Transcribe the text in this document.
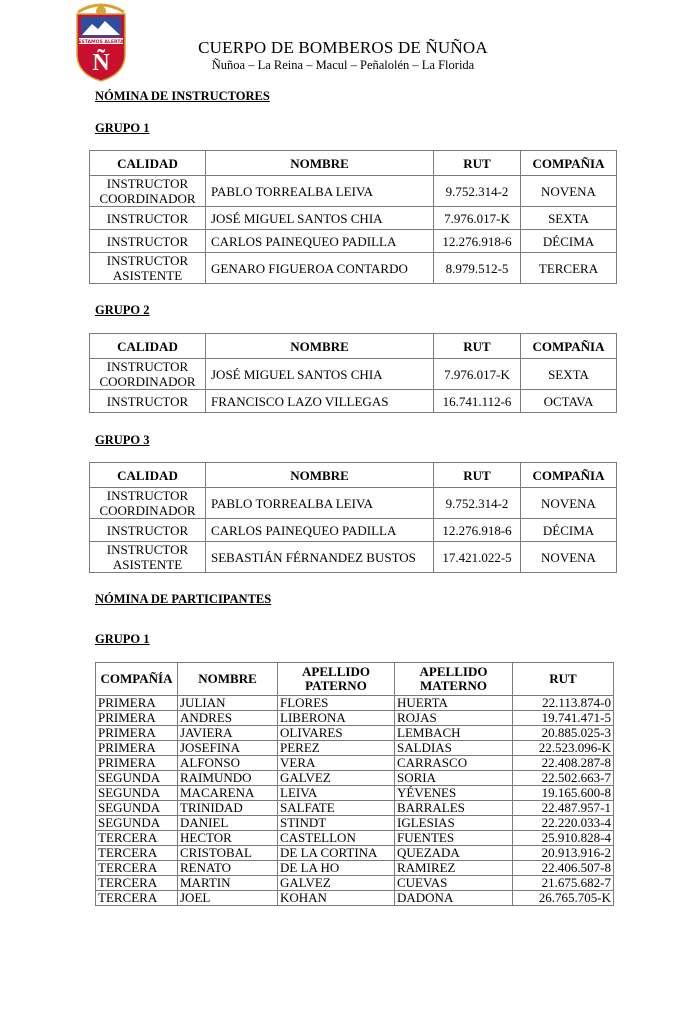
ESTAMOS ALERTA
Ñ
CUERPO DE BOMBEROS DE ÑUÑOA
Ñuñoa – La Reina – Macul – Peñalolén – La Florida
NÓMINA DE INSTRUCTORES
GRUPO 1
CALIDAD	NOMBRE	RUT	COMPAÑIA
INSTRUCTOR
COORDINADOR	PABLO TORREALBA LEIVA	9.752.314-2	NOVENA
INSTRUCTOR	JOSÉ MIGUEL SANTOS CHIA	7.976.017-K	SEXTA
INSTRUCTOR	CARLOS PAINEQUEO PADILLA	12.276.918-6	DÉCIMA
INSTRUCTOR
ASISTENTE	GENARO FIGUEROA CONTARDO	8.979.512-5	TERCERA
GRUPO 2
CALIDAD	NOMBRE	RUT	COMPAÑIA
INSTRUCTOR
COORDINADOR	JOSÉ MIGUEL SANTOS CHIA	7.976.017-K	SEXTA
INSTRUCTOR	FRANCISCO LAZO VILLEGAS	16.741.112-6	OCTAVA
GRUPO 3
CALIDAD	NOMBRE	RUT	COMPAÑIA
INSTRUCTOR
COORDINADOR	PABLO TORREALBA LEIVA	9.752.314-2	NOVENA
INSTRUCTOR	CARLOS PAINEQUEO PADILLA	12.276.918-6	DÉCIMA
INSTRUCTOR
ASISTENTE	SEBASTIÁN FÉRNANDEZ BUSTOS	17.421.022-5	NOVENA
NÓMINA DE PARTICIPANTES
GRUPO 1
COMPAÑÍA	NOMBRE	APELLIDO PATERNO	APELLIDO MATERNO	RUT
PRIMERA	JULIAN	FLORES	HUERTA	22.113.874-0
PRIMERA	ANDRES	LIBERONA	ROJAS	19.741.471-5
PRIMERA	JAVIERA	OLIVARES	LEMBACH	20.885.025-3
PRIMERA	JOSEFINA	PEREZ	SALDIAS	22.523.096-K
PRIMERA	ALFONSO	VERA	CARRASCO	22.408.287-8
SEGUNDA	RAIMUNDO	GALVEZ	SORIA	22.502.663-7
SEGUNDA	MACARENA	LEIVA	YÉVENES	19.165.600-8
SEGUNDA	TRINIDAD	SALFATE	BARRALES	22.487.957-1
SEGUNDA	DANIEL	STINDT	IGLESIAS	22.220.033-4
TERCERA	HECTOR	CASTELLON	FUENTES	25.910.828-4
TERCERA	CRISTOBAL	DE LA CORTINA	QUEZADA	20.913.916-2
TERCERA	RENATO	DE LA HO	RAMIREZ	22.406.507-8
TERCERA	MARTIN	GALVEZ	CUEVAS	21.675.682-7
TERCERA	JOEL	KOHAN	DADONA	26.765.705-K
